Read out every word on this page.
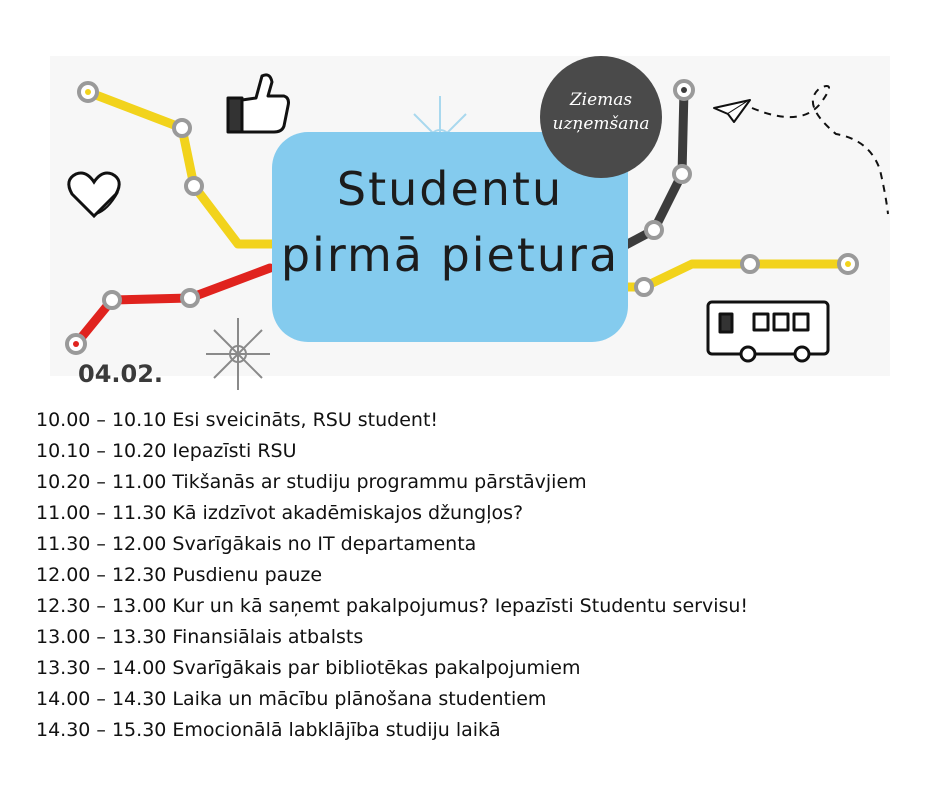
Studentu
pirmā pietura
Ziemas
uzņemšana
04.02.
10.00 – 10.10 Esi sveicināts, RSU student!
10.10 – 10.20 Iepazīsti RSU
10.20 – 11.00 Tikšanās ar studiju programmu pārstāvjiem
11.00 – 11.30 Kā izdzīvot akadēmiskajos džungļos?
11.30 – 12.00 Svarīgākais no IT departamenta
12.00 – 12.30 Pusdienu pauze
12.30 – 13.00 Kur un kā saņemt pakalpojumus? Iepazīsti Studentu servisu!
13.00 – 13.30 Finansiālais atbalsts
13.30 – 14.00 Svarīgākais par bibliotēkas pakalpojumiem
14.00 – 14.30 Laika un mācību plānošana studentiem
14.30 – 15.30 Emocionālā labklājība studiju laikā
